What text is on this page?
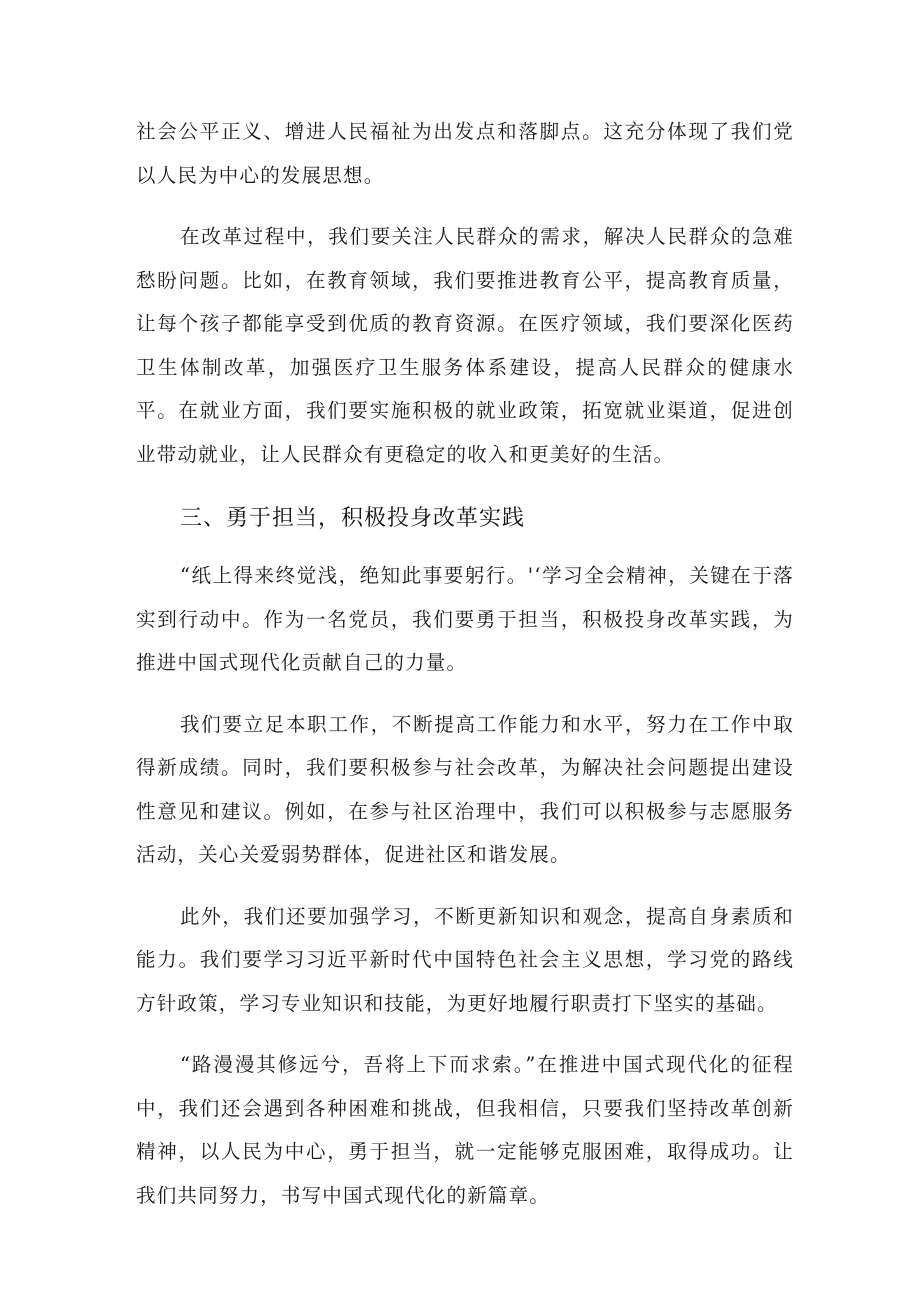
社会公平正义、增进人民福祉为出发点和落脚点。这充分体现了我们党以人民为中心的发展思想。

在改革过程中，我们要关注人民群众的需求，解决人民群众的急难愁盼问题。比如，在教育领域，我们要推进教育公平，提高教育质量，让每个孩子都能享受到优质的教育资源。在医疗领域，我们要深化医药卫生体制改革，加强医疗卫生服务体系建设，提高人民群众的健康水平。在就业方面，我们要实施积极的就业政策，拓宽就业渠道，促进创业带动就业，让人民群众有更稳定的收入和更美好的生活。

三、勇于担当，积极投身改革实践

“纸上得来终觉浅，绝知此事要躬行。'‘学习全会精神，关键在于落实到行动中。作为一名党员，我们要勇于担当，积极投身改革实践，为推进中国式现代化贡献自己的力量。

我们要立足本职工作，不断提高工作能力和水平，努力在工作中取得新成绩。同时，我们要积极参与社会改革，为解决社会问题提出建设性意见和建议。例如，在参与社区治理中，我们可以积极参与志愿服务活动，关心关爱弱势群体，促进社区和谐发展。

此外，我们还要加强学习，不断更新知识和观念，提高自身素质和能力。我们要学习习近平新时代中国特色社会主义思想，学习党的路线方针政策，学习专业知识和技能，为更好地履行职责打下坚实的基础。

“路漫漫其修远兮，吾将上下而求索。”在推进中国式现代化的征程中，我们还会遇到各种困难和挑战，但我相信，只要我们坚持改革创新精神，以人民为中心，勇于担当，就一定能够克服困难，取得成功。让我们共同努力，书写中国式现代化的新篇章。
